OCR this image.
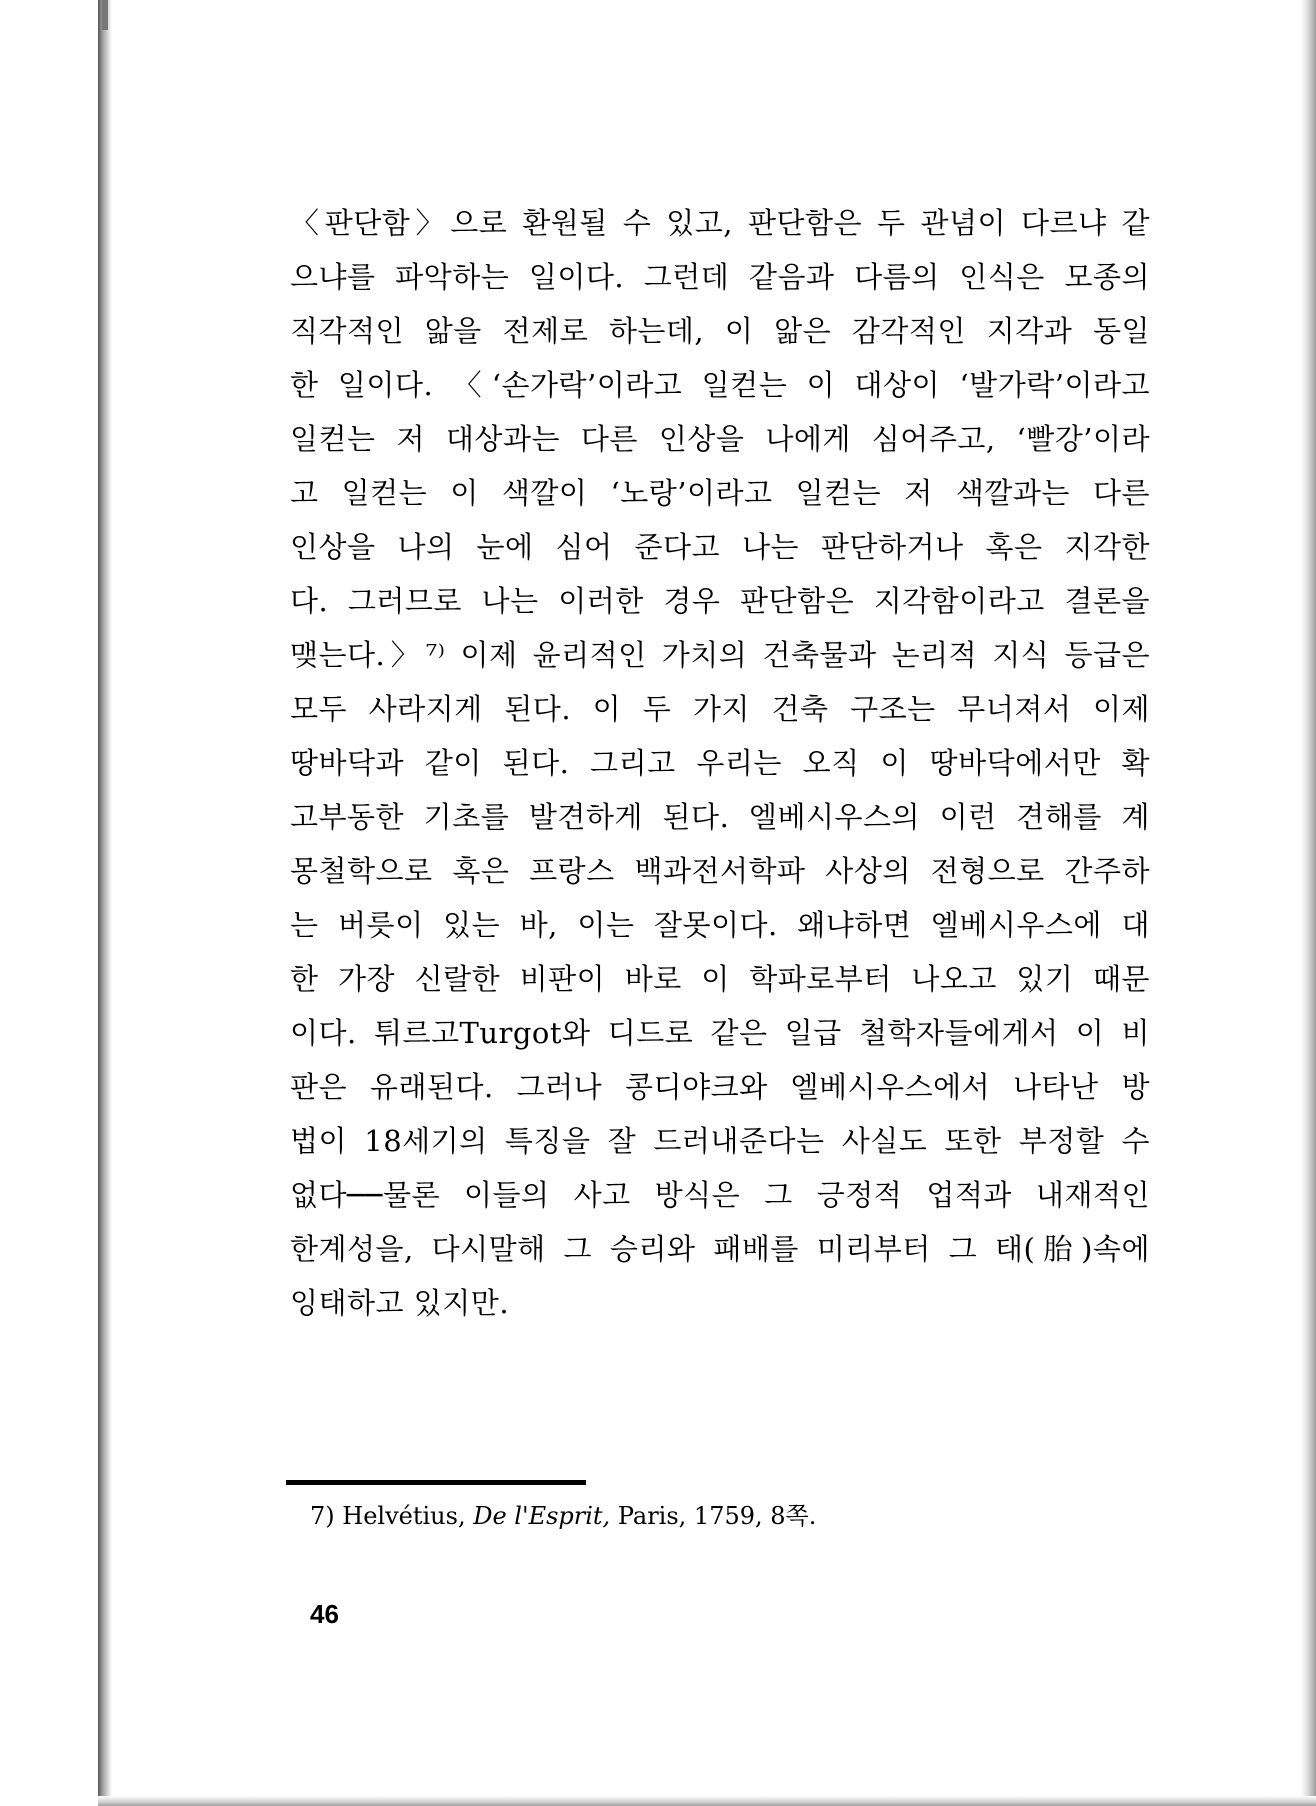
〈판단함〉으로 환원될 수 있고, 판단함은 두 관념이 다르냐 같
으냐를 파악하는 일이다. 그런데 같음과 다름의 인식은 모종의
직각적인 앎을 전제로 하는데, 이 앎은 감각적인 지각과 동일
한 일이다. 〈‘손가락’이라고 일컫는 이 대상이 ‘발가락’이라고
일컫는 저 대상과는 다른 인상을 나에게 심어주고, ‘빨강’이라
고 일컫는 이 색깔이 ‘노랑’이라고 일컫는 저 색깔과는 다른
인상을 나의 눈에 심어 준다고 나는 판단하거나 혹은 지각한
다. 그러므로 나는 이러한 경우 판단함은 지각함이라고 결론을
맺는다.〉⁷⁾ 이제 윤리적인 가치의 건축물과 논리적 지식 등급은
모두 사라지게 된다. 이 두 가지 건축 구조는 무너져서 이제
땅바닥과 같이 된다. 그리고 우리는 오직 이 땅바닥에서만 확
고부동한 기초를 발견하게 된다. 엘베시우스의 이런 견해를 계
몽철학으로 혹은 프랑스 백과전서학파 사상의 전형으로 간주하
는 버릇이 있는 바, 이는 잘못이다. 왜냐하면 엘베시우스에 대
한 가장 신랄한 비판이 바로 이 학파로부터 나오고 있기 때문
이다. 튀르고Turgot와 디드로 같은 일급 철학자들에게서 이 비
판은 유래된다. 그러나 콩디야크와 엘베시우스에서 나타난 방
법이 18세기의 특징을 잘 드러내준다는 사실도 또한 부정할 수
없다──물론 이들의 사고 방식은 그 긍정적 업적과 내재적인
한계성을, 다시말해 그 승리와 패배를 미리부터 그 태(胎)속에
잉태하고 있지만.
7) Helvétius, De l'Esprit, Paris, 1759, 8쪽.
46
